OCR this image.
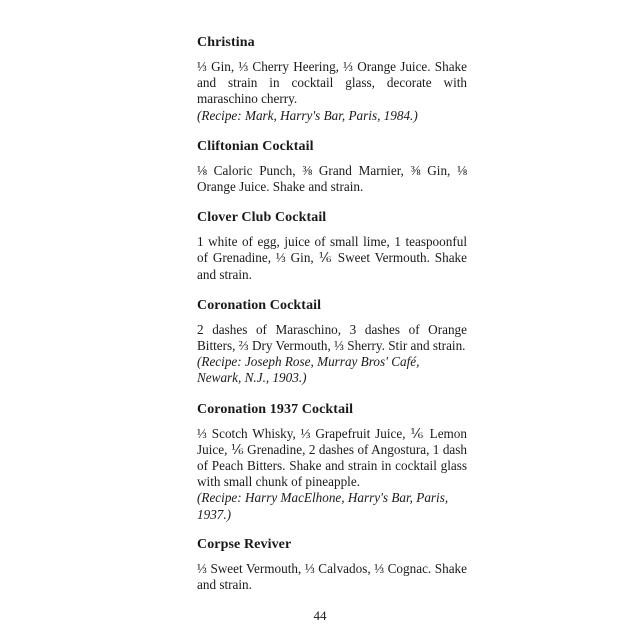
Christina

⅓ Gin, ⅓ Cherry Heering, ⅓ Orange Juice. Shake and strain in cocktail glass, decorate with maraschino cherry.

(Recipe: Mark, Harry's Bar, Paris, 1984.)

Cliftonian Cocktail

⅛ Caloric Punch, ⅜ Grand Marnier, ⅜ Gin, ⅛ Orange Juice. Shake and strain.

Clover Club Cocktail

1 white of egg, juice of small lime, 1 teaspoonful of Grenadine, ⅓ Gin, ⅙ Sweet Vermouth. Shake and strain.

Coronation Cocktail

2 dashes of Maraschino, 3 dashes of Orange Bitters, ⅔ Dry Vermouth, ⅓ Sherry. Stir and strain.

(Recipe: Joseph Rose, Murray Bros' Café, Newark, N.J., 1903.)

Coronation 1937 Cocktail

⅓ Scotch Whisky, ⅓ Grapefruit Juice, ⅙ Lemon Juice, ⅙ Grenadine, 2 dashes of Angostura, 1 dash of Peach Bitters. Shake and strain in cocktail glass with small chunk of pineapple.

(Recipe: Harry MacElhone, Harry's Bar, Paris, 1937.)

Corpse Reviver

⅓ Sweet Vermouth, ⅓ Calvados, ⅓ Cognac. Shake and strain.

44
